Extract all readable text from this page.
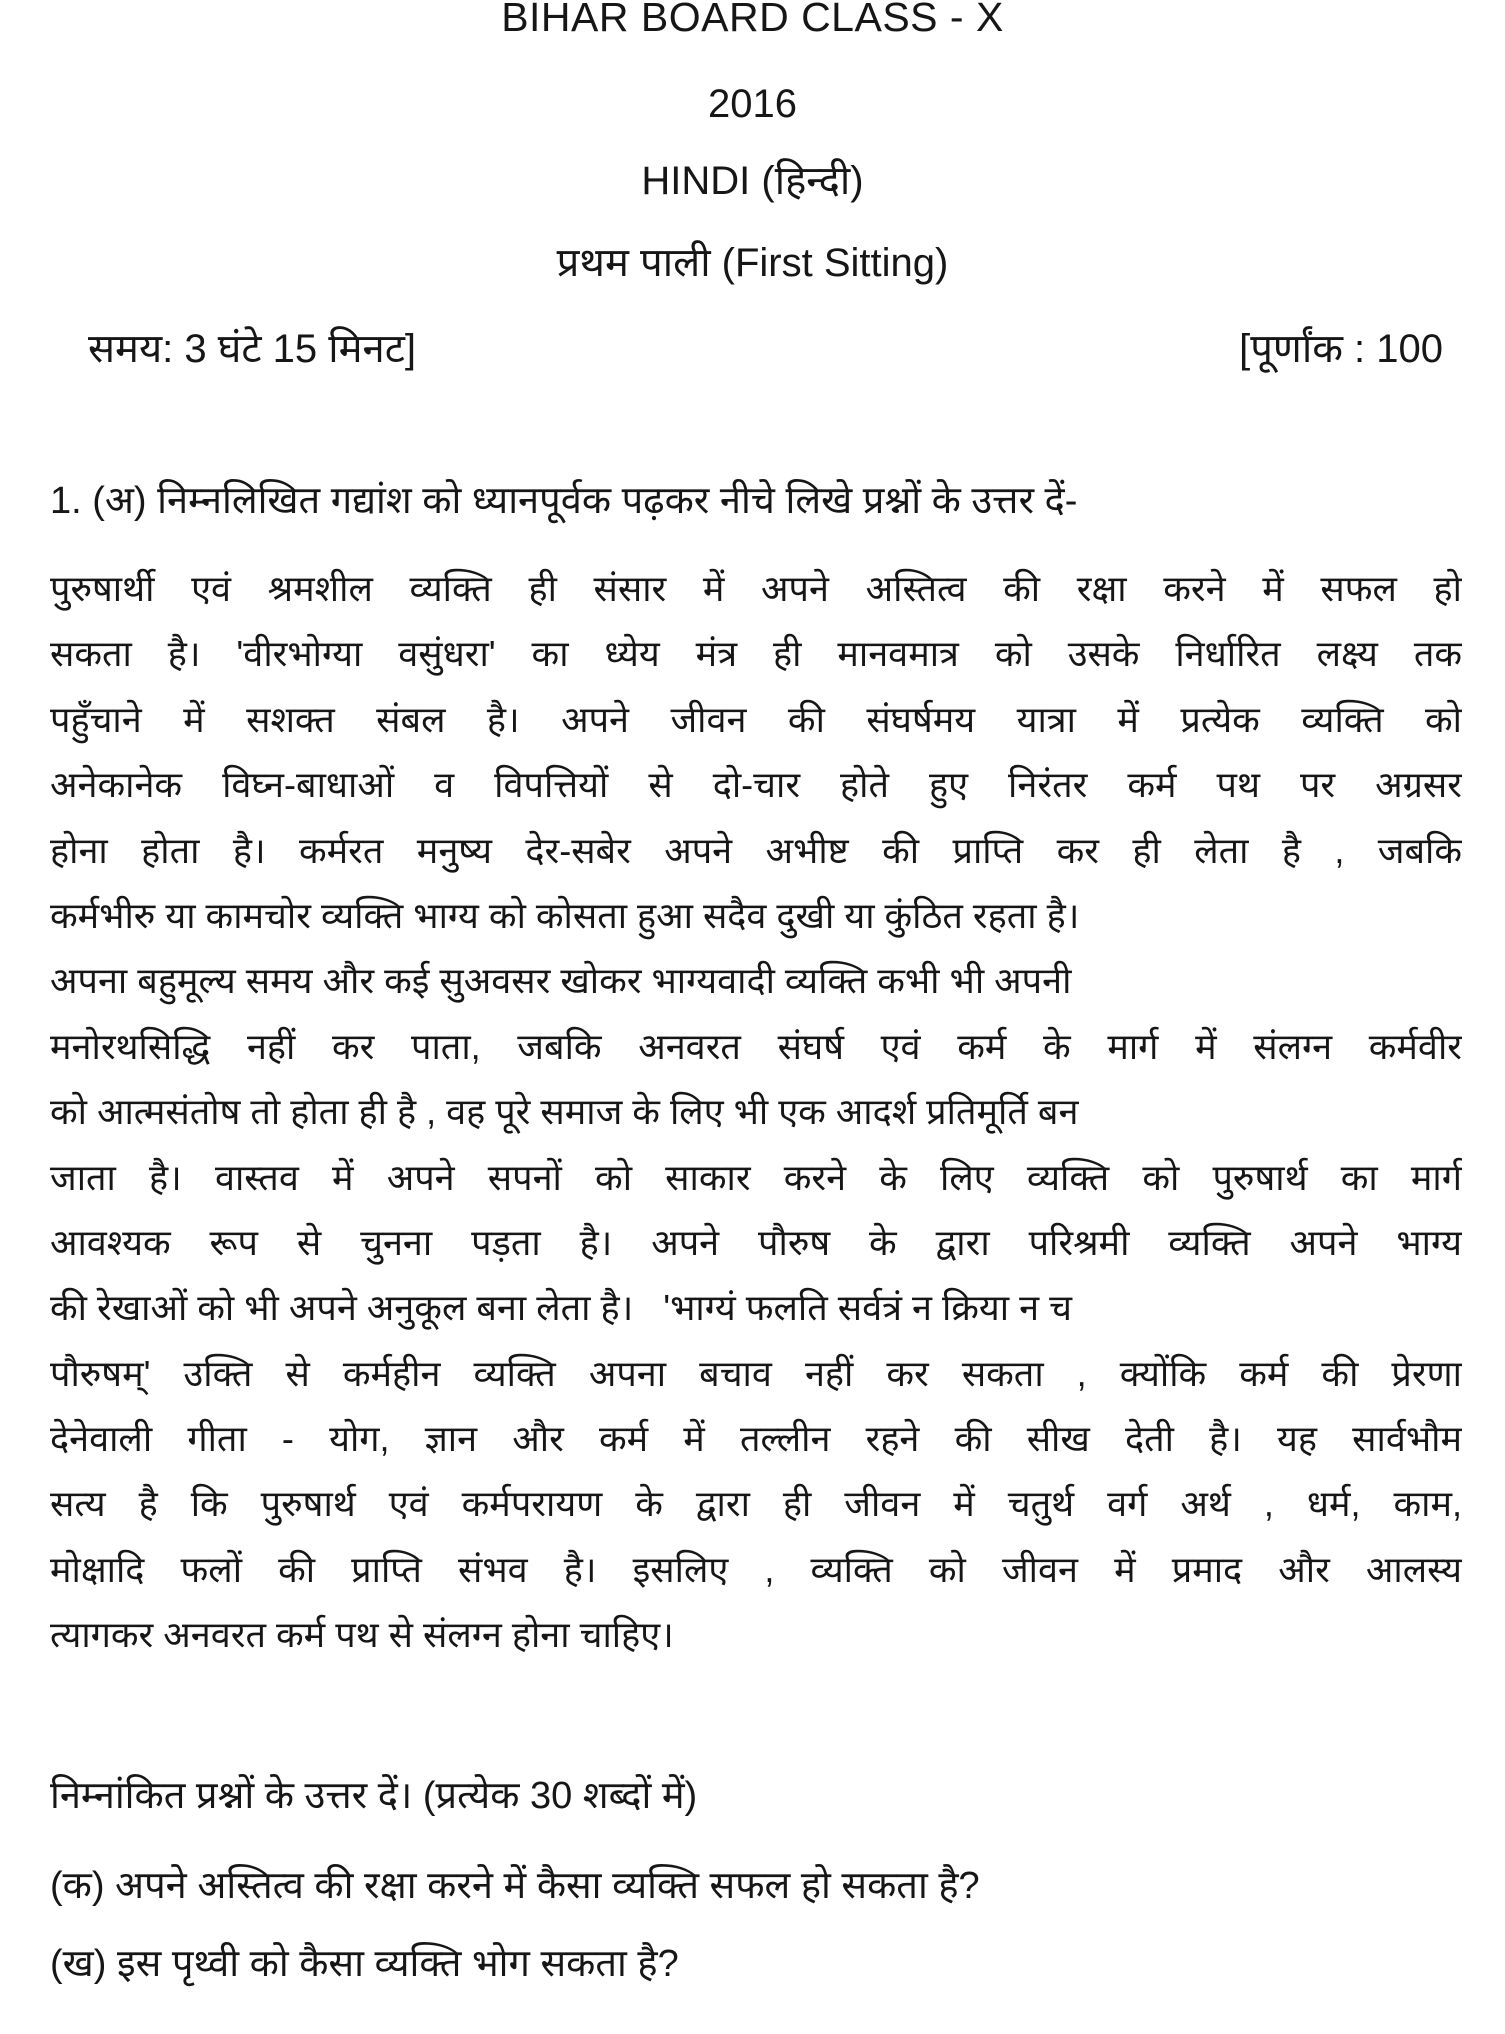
BIHAR BOARD CLASS - X
2016
HINDI (हिन्दी)
प्रथम पाली (First Sitting)
समय: 3 घंटे 15 मिनट]	[पूर्णांक : 100
1. (अ) निम्नलिखित गद्यांश को ध्यानपूर्वक पढ़कर नीचे लिखे प्रश्नों के उत्तर दें-
पुरुषार्थी एवं श्रमशील व्यक्ति ही संसार में अपने अस्तित्व की रक्षा करने में सफल हो
सकता है। 'वीरभोग्या वसुंधरा' का ध्येय मंत्र ही मानवमात्र को उसके निर्धारित लक्ष्य तक
पहुँचाने में सशक्त संबल है। अपने जीवन की संघर्षमय यात्रा में प्रत्येक व्यक्ति को
अनेकानेक विघ्न-बाधाओं व विपत्तियों से दो-चार होते हुए निरंतर कर्म पथ पर अग्रसर
होना होता है। कर्मरत मनुष्य देर-सबेर अपने अभीष्ट की प्राप्ति कर ही लेता है , जबकि
कर्मभीरु या कामचोर व्यक्ति भाग्य को कोसता हुआ सदैव दुखी या कुंठित रहता है।
अपना बहुमूल्य समय और कई सुअवसर खोकर भाग्यवादी व्यक्ति कभी भी अपनी
मनोरथसिद्धि नहीं कर पाता, जबकि अनवरत संघर्ष एवं कर्म के मार्ग में संलग्न कर्मवीर
को आत्मसंतोष तो होता ही है , वह पूरे समाज के लिए भी एक आदर्श प्रतिमूर्ति बन
जाता है। वास्तव में अपने सपनों को साकार करने के लिए व्यक्ति को पुरुषार्थ का मार्ग
आवश्यक रूप से चुनना पड़ता है। अपने पौरुष के द्वारा परिश्रमी व्यक्ति अपने भाग्य
की रेखाओं को भी अपने अनुकूल बना लेता है।   'भाग्यं फलति सर्वत्रं न क्रिया न च
पौरुषम्' उक्ति से कर्महीन व्यक्ति अपना बचाव नहीं कर सकता , क्योंकि कर्म की प्रेरणा
देनेवाली गीता - योग, ज्ञान और कर्म में तल्लीन रहने की सीख देती है। यह सार्वभौम
सत्य है कि पुरुषार्थ एवं कर्मपरायण के द्वारा ही जीवन में चतुर्थ वर्ग अर्थ , धर्म, काम,
मोक्षादि फलों की प्राप्ति संभव है। इसलिए , व्यक्ति को जीवन में प्रमाद और आलस्य
त्यागकर अनवरत कर्म पथ से संलग्न होना चाहिए।
निम्नांकित प्रश्नों के उत्तर दें। (प्रत्येक 30 शब्दों में)
(क) अपने अस्तित्व की रक्षा करने में कैसा व्यक्ति सफल हो सकता है?
(ख) इस पृथ्वी को कैसा व्यक्ति भोग सकता है?
